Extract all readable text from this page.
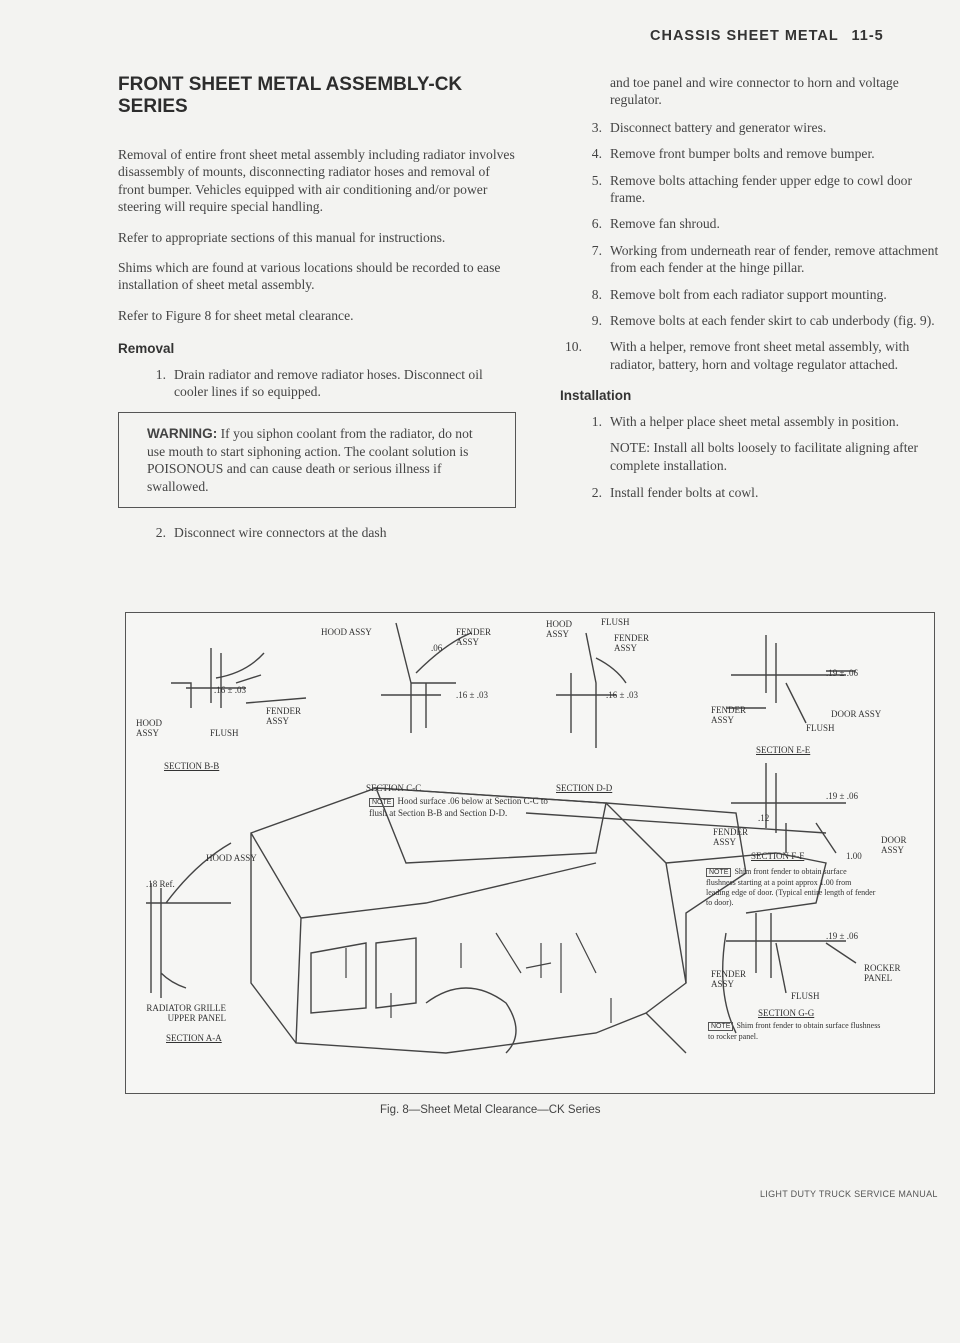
CHASSIS SHEET METAL 11-5
FRONT SHEET METAL ASSEMBLY-CK SERIES

Removal of entire front sheet metal assembly including radiator involves disassembly of mounts, disconnecting radiator hoses and removal of front bumper. Vehicles equipped with air conditioning and/or power steering will require special handling.

Refer to appropriate sections of this manual for instructions.

Shims which are found at various locations should be recorded to ease installation of sheet metal assembly.

Refer to Figure 8 for sheet metal clearance.

Removal
1. Drain radiator and remove radiator hoses. Disconnect oil cooler lines if so equipped.
WARNING: If you siphon coolant from the radiator, do not use mouth to start siphoning action. The coolant solution is POISONOUS and can cause death or serious illness if swallowed.
2. Disconnect wire connectors at the dash
and toe panel and wire connector to horn and voltage regulator.
3. Disconnect battery and generator wires.
4. Remove front bumper bolts and remove bumper.
5. Remove bolts attaching fender upper edge to cowl door frame.
6. Remove fan shroud.
7. Working from underneath rear of fender, remove attachment from each fender at the hinge pillar.
8. Remove bolt from each radiator support mounting.
9. Remove bolts at each fender skirt to cab underbody (fig. 9).
10. With a helper, remove front sheet metal assembly, with radiator, battery, horn and voltage regulator attached.
Installation
1. With a helper place sheet metal assembly in position.
NOTE: Install all bolts loosely to facilitate aligning after complete installation.
2. Install fender bolts at cowl.
HOOD ASSY	FENDER ASSY
.06
.16 ± .03
.16 ± .03
FENDER ASSY
HOOD ASSY	FLUSH
SECTION B-B
HOOD ASSY
FLUSH
FENDER ASSY
.16 ± .03
SECTION D-D
SECTION C-C
NOTE Hood surface .06 below at Section C-C to flush at Section B-B and Section D-D.
.19 ± .06
FENDER ASSY
DOOR ASSY
FLUSH
SECTION E-E
.19 ± .06
.12
FENDER ASSY	DOOR ASSY
SECTION F-F	1.00
NOTE Shim front fender to obtain surface flushness starting at a point approx 1.00 from leading edge of door. (Typical entire length of fender to door).
.19 ± .06
FENDER ASSY
ROCKER PANEL
FLUSH
SECTION G-G
NOTE Shim front fender to obtain surface flushness to rocker panel.
HOOD ASSY
.18 Ref.
RADIATOR GRILLE UPPER PANEL
SECTION A-A
Fig. 8—Sheet Metal Clearance—CK Series
LIGHT DUTY TRUCK SERVICE MANUAL
